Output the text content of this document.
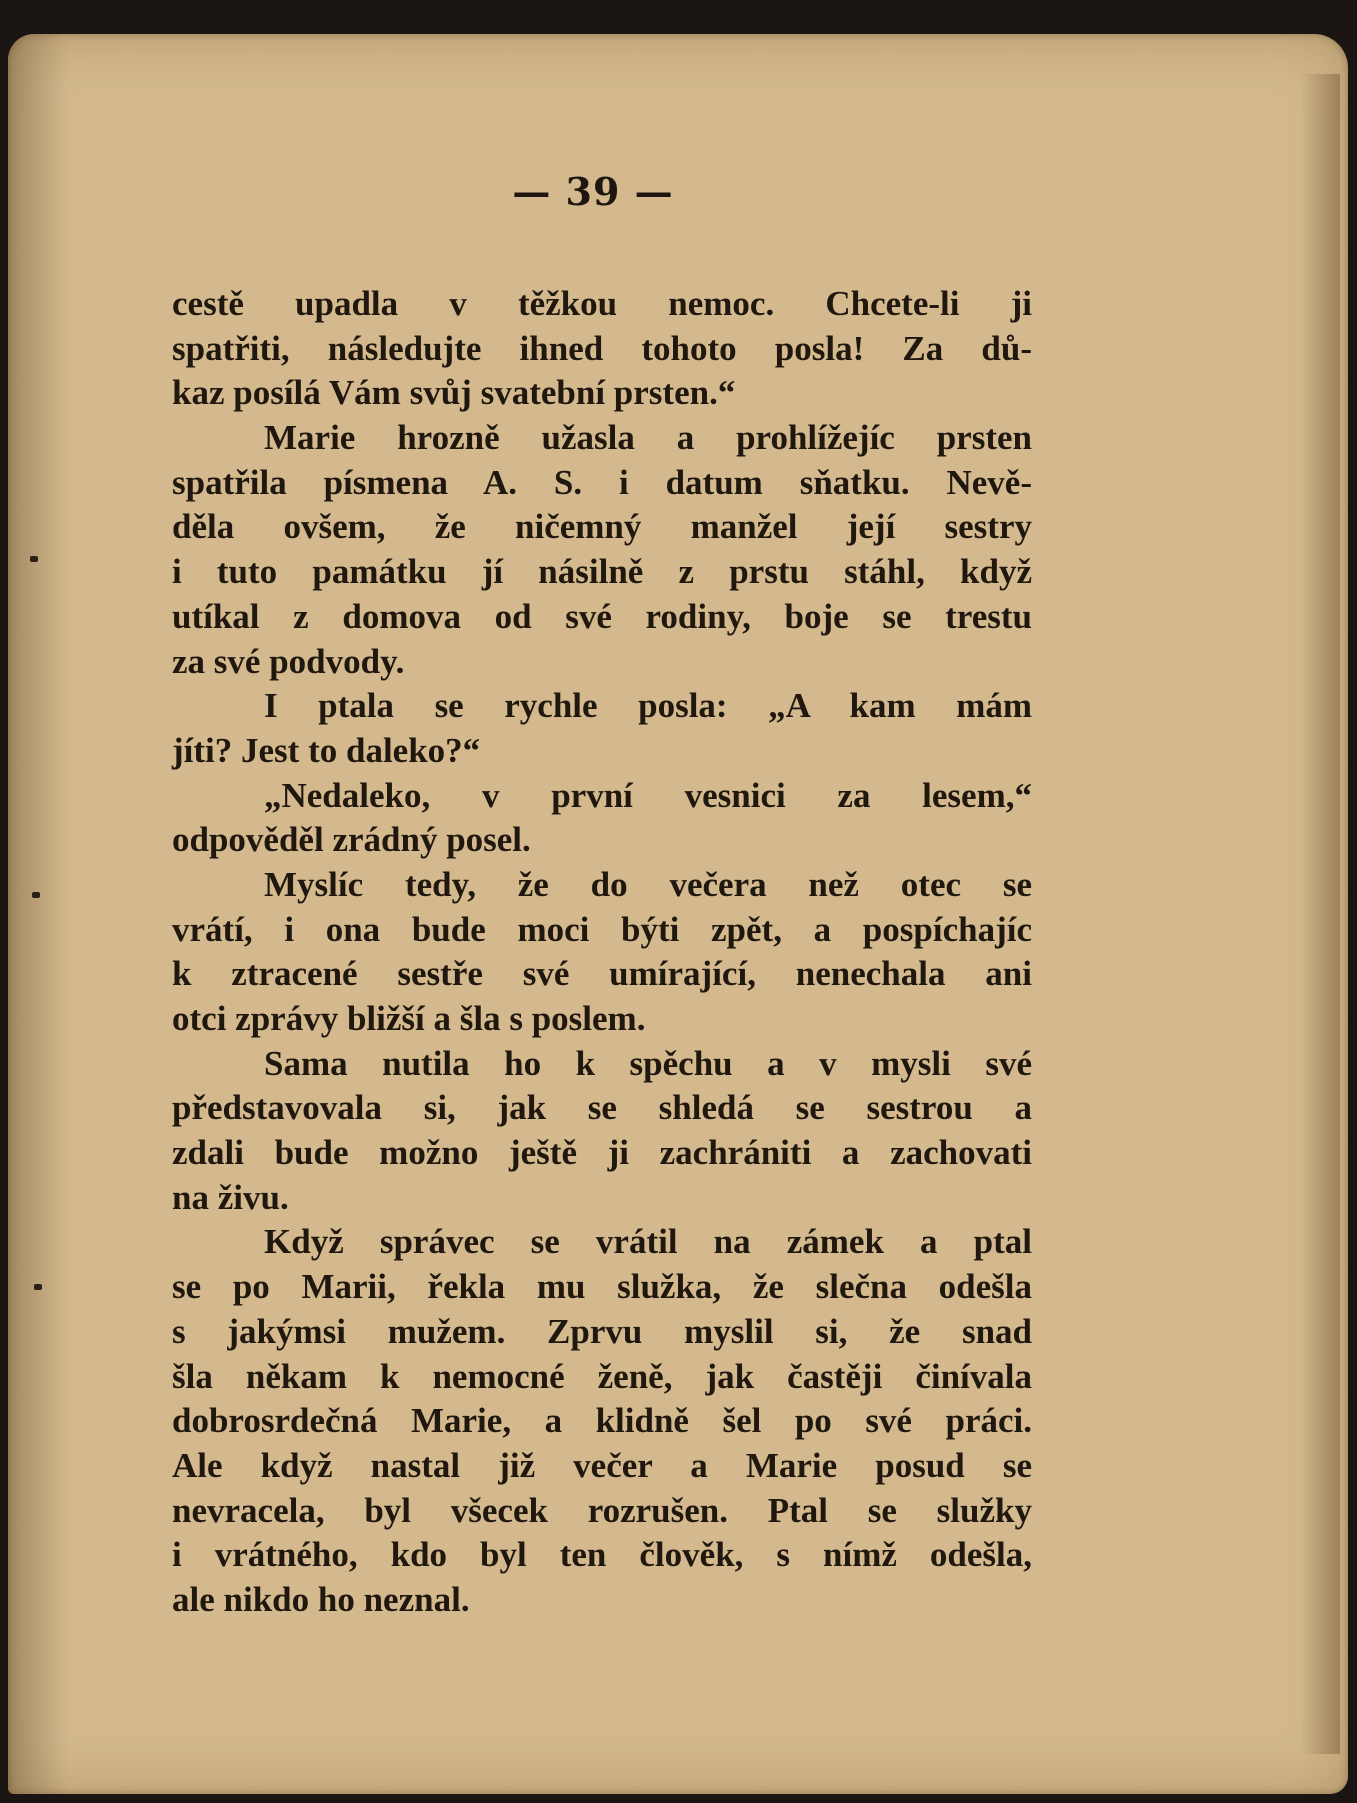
— 39 —
cestě upadla v těžkou nemoc. Chcete-li ji
spatřiti, následujte ihned tohoto posla! Za dů-
kaz posílá Vám svůj svatební prsten.“
Marie hrozně užasla a prohlížejíc prsten
spatřila písmena A. S. i datum sňatku. Nevě-
děla ovšem, že ničemný manžel její sestry
i tuto památku jí násilně z prstu stáhl, když
utíkal z domova od své rodiny, boje se trestu
za své podvody.
I ptala se rychle posla: „A kam mám
jíti? Jest to daleko?“
„Nedaleko, v první vesnici za lesem,“
odpověděl zrádný posel.
Myslíc tedy, že do večera než otec se
vrátí, i ona bude moci býti zpět, a pospíchajíc
k ztracené sestře své umírající, nenechala ani
otci zprávy bližší a šla s poslem.
Sama nutila ho k spěchu a v mysli své
představovala si, jak se shledá se sestrou a
zdali bude možno ještě ji zachrániti a zachovati
na živu.
Když správec se vrátil na zámek a ptal
se po Marii, řekla mu služka, že slečna odešla
s jakýmsi mužem. Zprvu myslil si, že snad
šla někam k nemocné ženě, jak častěji činívala
dobrosrdečná Marie, a klidně šel po své práci.
Ale když nastal již večer a Marie posud se
nevracela, byl všecek rozrušen. Ptal se služky
i vrátného, kdo byl ten člověk, s nímž odešla,
ale nikdo ho neznal.
